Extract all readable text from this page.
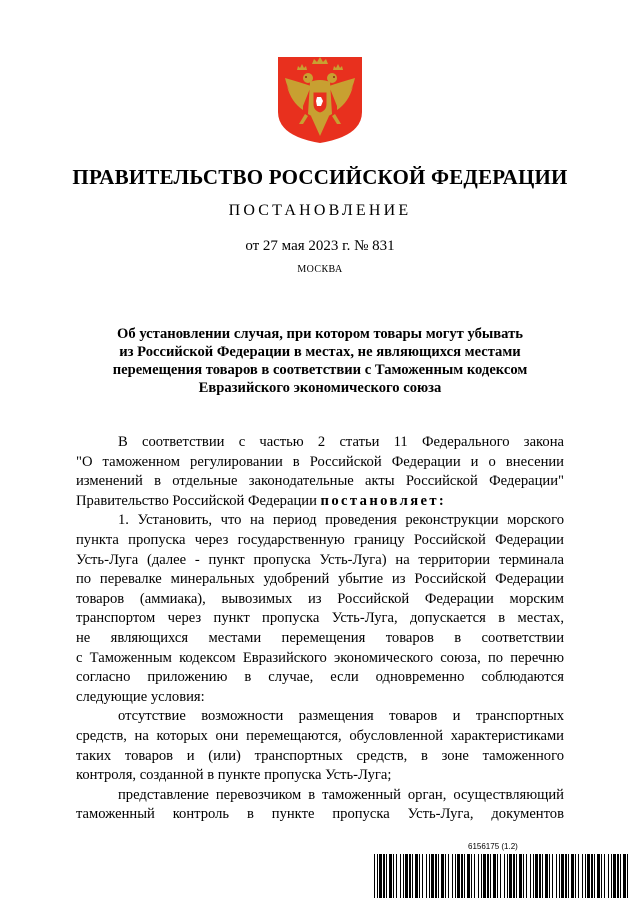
ПРАВИТЕЛЬСТВО РОССИЙСКОЙ ФЕДЕРАЦИИ
ПОСТАНОВЛЕНИЕ
от 27 мая 2023 г. № 831
МОСКВА
Об установлении случая, при котором товары могут убывать
из Российской Федерации в местах, не являющихся местами
перемещения товаров в соответствии с Таможенным кодексом
Евразийского экономического союза

В соответствии с частью 2 статьи 11 Федерального закона

"О таможенном регулировании в Российской Федерации и о внесении

изменений в отдельные законодательные акты Российской Федерации"

Правительство Российской Федерации постановляет:

1. Установить, что на период проведения реконструкции морского

пункта пропуска через государственную границу Российской Федерации

Усть-Луга (далее - пункт пропуска Усть-Луга) на территории терминала

по перевалке минеральных удобрений убытие из Российской Федерации

товаров (аммиака), вывозимых из Российской Федерации морским

транспортом через пункт пропуска Усть-Луга, допускается в местах,

не являющихся местами перемещения товаров в соответствии

с Таможенным кодексом Евразийского экономического союза, по перечню

согласно приложению в случае, если одновременно соблюдаются

следующие условия:

отсутствие возможности размещения товаров и транспортных

средств, на которых они перемещаются, обусловленной характеристиками

таких товаров и (или) транспортных средств, в зоне таможенного

контроля, созданной в пункте пропуска Усть-Луга;

представление перевозчиком в таможенный орган, осуществляющий

таможенный контроль в пункте пропуска Усть-Луга, документов

6156175 (1.2)
